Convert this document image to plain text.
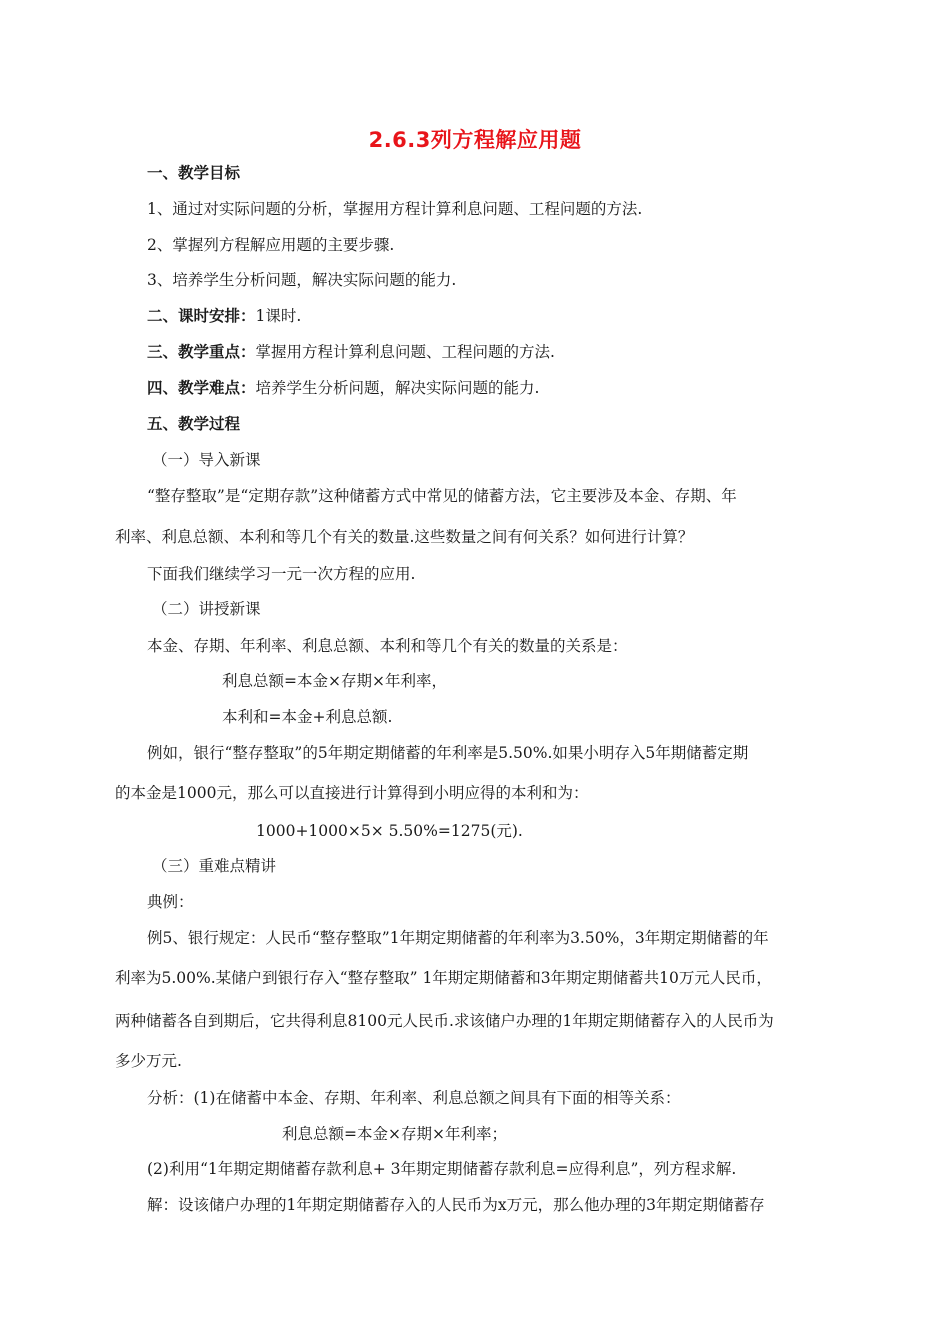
2.6.3列方程解应用题
一、教学目标
1、通过对实际问题的分析，掌握用方程计算利息问题、工程问题的方法.
2、掌握列方程解应用题的主要步骤.
3、培养学生分析问题，解决实际问题的能力.
二、课时安排：1课时.
三、教学重点：掌握用方程计算利息问题、工程问题的方法.
四、教学难点：培养学生分析问题，解决实际问题的能力.
五、教学过程
（一）导入新课
“整存整取”是“定期存款”这种储蓄方式中常见的储蓄方法，它主要涉及本金、存期、年
利率、利息总额、本利和等几个有关的数量.这些数量之间有何关系？如何进行计算？
下面我们继续学习一元一次方程的应用.
（二）讲授新课
本金、存期、年利率、利息总额、本利和等几个有关的数量的关系是：
利息总额=本金×存期×年利率，
本利和=本金+利息总额.
例如，银行“整存整取”的5年期定期储蓄的年利率是5.50%.如果小明存入5年期储蓄定期
的本金是1000元，那么可以直接进行计算得到小明应得的本利和为：
1000+1000×5× 5.50%=1275(元).
（三）重难点精讲
典例：
例5、银行规定：人民币“整存整取”1年期定期储蓄的年利率为3.50%，3年期定期储蓄的年
利率为5.00%.某储户到银行存入“整存整取” 1年期定期储蓄和3年期定期储蓄共10万元人民币，
两种储蓄各自到期后，它共得利息8100元人民币.求该储户办理的1年期定期储蓄存入的人民币为
多少万元.
分析：(1)在储蓄中本金、存期、年利率、利息总额之间具有下面的相等关系：
利息总额=本金×存期×年利率；
(2)利用“1年期定期储蓄存款利息+ 3年期定期储蓄存款利息=应得利息”，列方程求解.
解：设该储户办理的1年期定期储蓄存入的人民币为x万元，那么他办理的3年期定期储蓄存
